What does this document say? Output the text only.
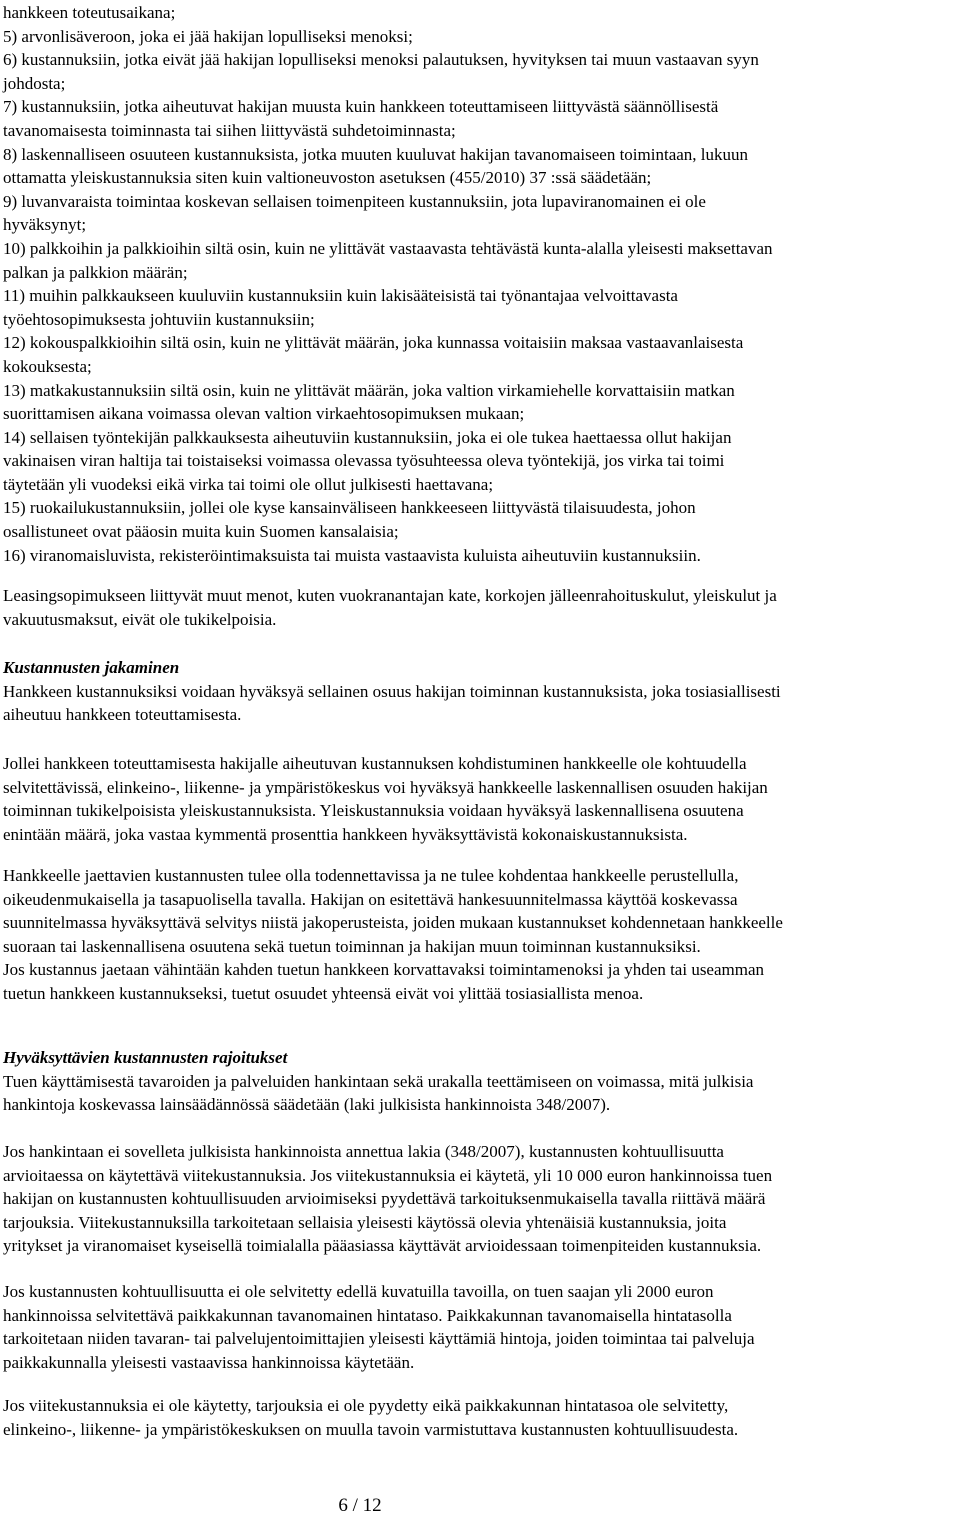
hankkeen toteutusaikana;
5) arvonlisäveroon, joka ei jää hakijan lopulliseksi menoksi;
6) kustannuksiin, jotka eivät jää hakijan lopulliseksi menoksi palautuksen, hyvityksen tai muun vastaavan syyn
johdosta;
7) kustannuksiin, jotka aiheutuvat hakijan muusta kuin hankkeen toteuttamiseen liittyvästä säännöllisestä
tavanomaisesta toiminnasta tai siihen liittyvästä suhdetoiminnasta;
8) laskennalliseen osuuteen kustannuksista, jotka muuten kuuluvat hakijan tavanomaiseen toimintaan, lukuun
ottamatta yleiskustannuksia siten kuin valtioneuvoston asetuksen (455/2010) 37 :ssä säädetään;
9) luvanvaraista toimintaa koskevan sellaisen toimenpiteen kustannuksiin, jota lupaviranomainen ei ole
hyväksynyt;
10) palkkoihin ja palkkioihin siltä osin, kuin ne ylittävät vastaavasta tehtävästä kunta-alalla yleisesti maksettavan
palkan ja palkkion määrän;
11) muihin palkkaukseen kuuluviin kustannuksiin kuin lakisääteisistä tai työnantajaa velvoittavasta
työehtosopimuksesta johtuviin kustannuksiin;
12) kokouspalkkioihin siltä osin, kuin ne ylittävät määrän, joka kunnassa voitaisiin maksaa vastaavanlaisesta
kokouksesta;
13) matkakustannuksiin siltä osin, kuin ne ylittävät määrän, joka valtion virkamiehelle korvattaisiin matkan
suorittamisen aikana voimassa olevan valtion virkaehtosopimuksen mukaan;
14) sellaisen työntekijän palkkauksesta aiheutuviin kustannuksiin, joka ei ole tukea haettaessa ollut hakijan
vakinaisen viran haltija tai toistaiseksi voimassa olevassa työsuhteessa oleva työntekijä, jos virka tai toimi
täytetään yli vuodeksi eikä virka tai toimi ole ollut julkisesti haettavana;
15) ruokailukustannuksiin, jollei ole kyse kansainväliseen hankkeeseen liittyvästä tilaisuudesta, johon
osallistuneet ovat pääosin muita kuin Suomen kansalaisia;
16) viranomaisluvista, rekisteröintimaksuista tai muista vastaavista kuluista aiheutuviin kustannuksiin.
Leasingsopimukseen liittyvät muut menot, kuten vuokranantajan kate, korkojen jälleenrahoituskulut, yleiskulut ja
vakuutusmaksut, eivät ole tukikelpoisia.
Kustannusten jakaminen
Hankkeen kustannuksiksi voidaan hyväksyä sellainen osuus hakijan toiminnan kustannuksista, joka tosiasiallisesti
aiheutuu hankkeen toteuttamisesta.
Jollei hankkeen toteuttamisesta hakijalle aiheutuvan kustannuksen kohdistuminen hankkeelle ole kohtuudella
selvitettävissä, elinkeino-, liikenne- ja ympäristökeskus voi hyväksyä hankkeelle laskennallisen osuuden hakijan
toiminnan tukikelpoisista yleiskustannuksista. Yleiskustannuksia voidaan hyväksyä laskennallisena osuutena
enintään määrä, joka vastaa kymmentä prosenttia hankkeen hyväksyttävistä kokonaiskustannuksista.
Hankkeelle jaettavien kustannusten tulee olla todennettavissa ja ne tulee kohdentaa hankkeelle perustellulla,
oikeudenmukaisella ja tasapuolisella tavalla. Hakijan on esitettävä hankesuunnitelmassa käyttöä koskevassa
suunnitelmassa hyväksyttävä selvitys niistä jakoperusteista, joiden mukaan kustannukset kohdennetaan hankkeelle
suoraan tai laskennallisena osuutena sekä tuetun toiminnan ja hakijan muun toiminnan kustannuksiksi.
Jos kustannus jaetaan vähintään kahden tuetun hankkeen korvattavaksi toimintamenoksi ja yhden tai useamman
tuetun hankkeen kustannukseksi, tuetut osuudet yhteensä eivät voi ylittää tosiasiallista menoa.
Hyväksyttävien kustannusten rajoitukset
Tuen käyttämisestä tavaroiden ja palveluiden hankintaan sekä urakalla teettämiseen on voimassa, mitä julkisia
hankintoja koskevassa lainsäädännössä säädetään (laki julkisista hankinnoista 348/2007).
Jos hankintaan ei sovelleta julkisista hankinnoista annettua lakia (348/2007), kustannusten kohtuullisuutta
arvioitaessa on käytettävä viitekustannuksia. Jos viitekustannuksia ei käytetä, yli 10 000 euron hankinnoissa tuen
hakijan on kustannusten kohtuullisuuden arvioimiseksi pyydettävä tarkoituksenmukaisella tavalla riittävä määrä
tarjouksia. Viitekustannuksilla tarkoitetaan sellaisia yleisesti käytössä olevia yhtenäisiä kustannuksia, joita
yritykset ja viranomaiset kyseisellä toimialalla pääasiassa käyttävät arvioidessaan toimenpiteiden kustannuksia.
Jos kustannusten kohtuullisuutta ei ole selvitetty edellä kuvatuilla tavoilla, on tuen saajan yli 2000 euron
hankinnoissa selvitettävä paikkakunnan tavanomainen hintataso. Paikkakunnan tavanomaisella hintatasolla
tarkoitetaan niiden tavaran- tai palvelujentoimittajien yleisesti käyttämiä hintoja, joiden toimintaa tai palveluja
paikkakunnalla yleisesti vastaavissa hankinnoissa käytetään.
Jos viitekustannuksia ei ole käytetty, tarjouksia ei ole pyydetty eikä paikkakunnan hintatasoa ole selvitetty,
elinkeino-, liikenne- ja ympäristökeskuksen on muulla tavoin varmistuttava kustannusten kohtuullisuudesta.
6 / 12
